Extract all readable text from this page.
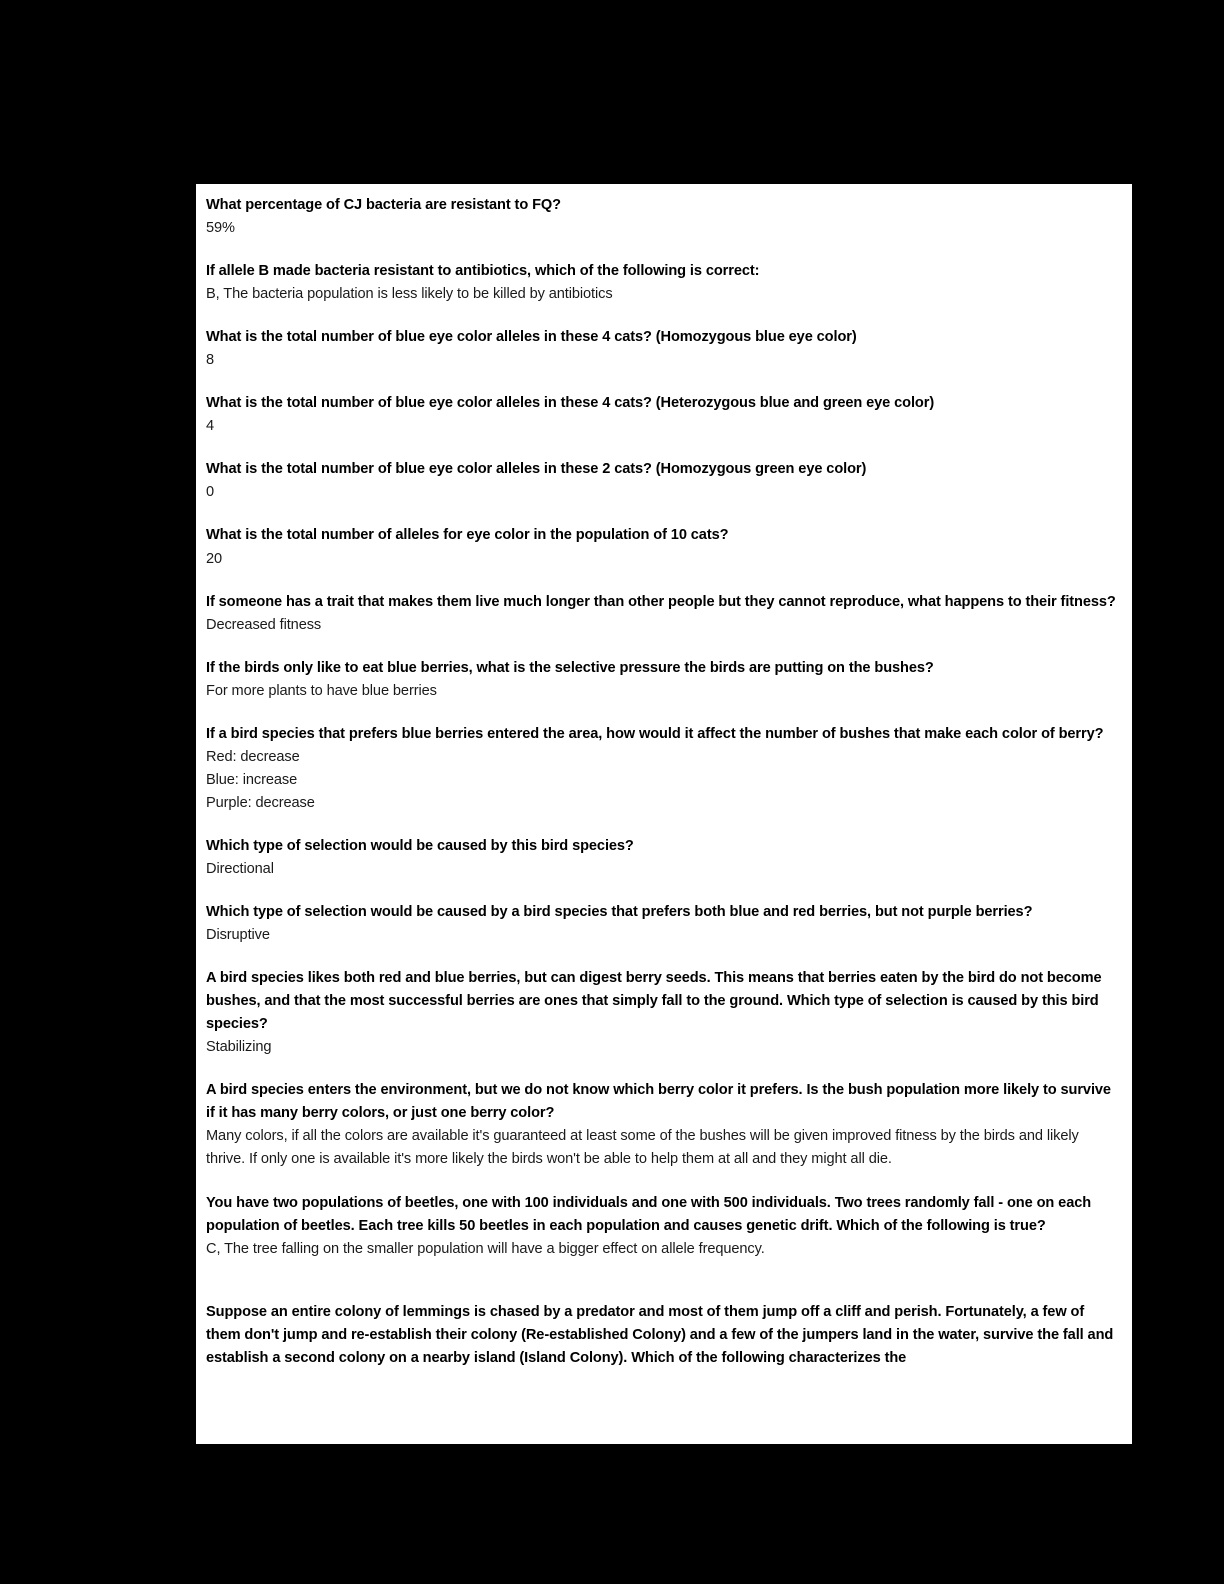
What percentage of CJ bacteria are resistant to FQ?
59%
If allele B made bacteria resistant to antibiotics, which of the following is correct:
B, The bacteria population is less likely to be killed by antibiotics
What is the total number of blue eye color alleles in these 4 cats? (Homozygous blue eye color)
8
What is the total number of blue eye color alleles in these 4 cats? (Heterozygous blue and green eye color)
4
What is the total number of blue eye color alleles in these 2 cats? (Homozygous green eye color)
0
What is the total number of alleles for eye color in the population of 10 cats?
20
If someone has a trait that makes them live much longer than other people but they cannot reproduce, what happens to their fitness?
Decreased fitness
If the birds only like to eat blue berries, what is the selective pressure the birds are putting on the bushes?
For more plants to have blue berries
If a bird species that prefers blue berries entered the area, how would it affect the number of bushes that make each color of berry?
Red: decrease
Blue: increase
Purple: decrease
Which type of selection would be caused by this bird species?
Directional
Which type of selection would be caused by a bird species that prefers both blue and red berries, but not purple berries?
Disruptive
A bird species likes both red and blue berries, but can digest berry seeds. This means that berries eaten by the bird do not become bushes, and that the most successful berries are ones that simply fall to the ground. Which type of selection is caused by this bird species?
Stabilizing
A bird species enters the environment, but we do not know which berry color it prefers. Is the bush population more likely to survive if it has many berry colors, or just one berry color?
Many colors, if all the colors are available it's guaranteed at least some of the bushes will be given improved fitness by the birds and likely thrive. If only one is available it's more likely the birds won't be able to help them at all and they might all die.
You have two populations of beetles, one with 100 individuals and one with 500 individuals. Two trees randomly fall - one on each population of beetles. Each tree kills 50 beetles in each population and causes genetic drift. Which of the following is true?
C, The tree falling on the smaller population will have a bigger effect on allele frequency.
Suppose an entire colony of lemmings is chased by a predator and most of them jump off a cliff and perish. Fortunately, a few of them don't jump and re-establish their colony (Re-established Colony) and a few of the jumpers land in the water, survive the fall and establish a second colony on a nearby island (Island Colony). Which of the following characterizes the
